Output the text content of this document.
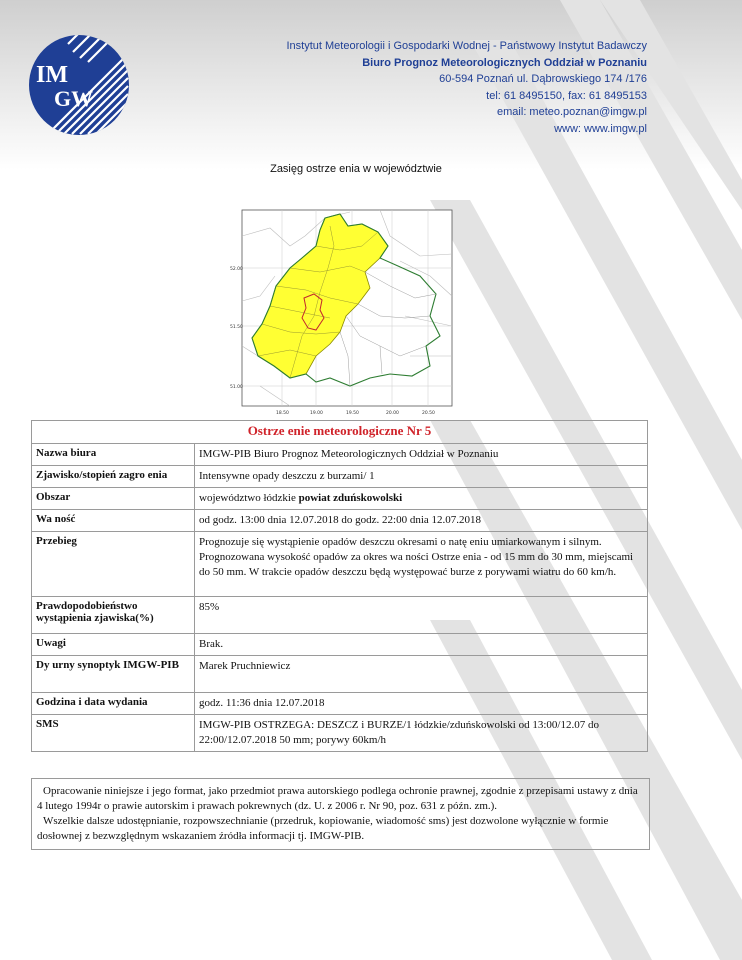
IM
GW
Instytut Meteorologii i Gospodarki Wodnej - Państwowy Instytut Badawczy
Biuro Prognoz Meteorologicznych Oddział w Poznaniu
60-594 Poznań ul. Dąbrowskiego 174 /176
tel: 61 8495150, fax: 61 8495153
email: meteo.poznan@imgw.pl
www: www.imgw.pl
Zasięg ostrze enia w województwie
52.00
51.50
51.00
18.50	19.00	19.50	20.00	20.50
Ostrze enie meteorologiczne Nr 5	
Nazwa biura	IMGW-PIB Biuro Prognoz Meteorologicznych Oddział w Poznaniu
Zjawisko/stopień zagro enia	Intensywne opady deszczu z burzami/ 1
Obszar	województwo łódzkie powiat zduńskowolski
Wa ność	od godz. 13:00 dnia 12.07.2018 do godz. 22:00 dnia 12.07.2018
Przebieg	Prognozuje się wystąpienie opadów deszczu okresami o natę eniu umiarkowanym i silnym. Prognozowana wysokość opadów za okres wa ności Ostrze enia - od 15 mm do 30 mm, miejscami do 50 mm. W trakcie opadów deszczu będą występować burze z porywami wiatru do 60 km/h.
Prawdopodobieństwo wystąpienia zjawiska(%)	85%
Uwagi	Brak.
Dy urny synoptyk IMGW-PIB	Marek Pruchniewicz
Godzina i data wydania	godz. 11:36 dnia 12.07.2018
SMS	IMGW-PIB OSTRZEGA: DESZCZ i BURZE/1 łódzkie/zduńskowolski od 13:00/12.07 do 22:00/12.07.2018 50 mm; porywy 60km/h

Opracowanie niniejsze i jego format, jako przedmiot prawa autorskiego podlega ochronie prawnej, zgodnie z przepisami ustawy z dnia 4 lutego 1994r o prawie autorskim i prawach pokrewnych (dz. U. z 2006 r. Nr 90, poz. 631 z późn. zm.).

Wszelkie dalsze udostępnianie, rozpowszechnianie (przedruk, kopiowanie, wiadomość sms) jest dozwolone wyłącznie w formie dosłownej z bezwzględnym wskazaniem źródła informacji tj. IMGW-PIB.
